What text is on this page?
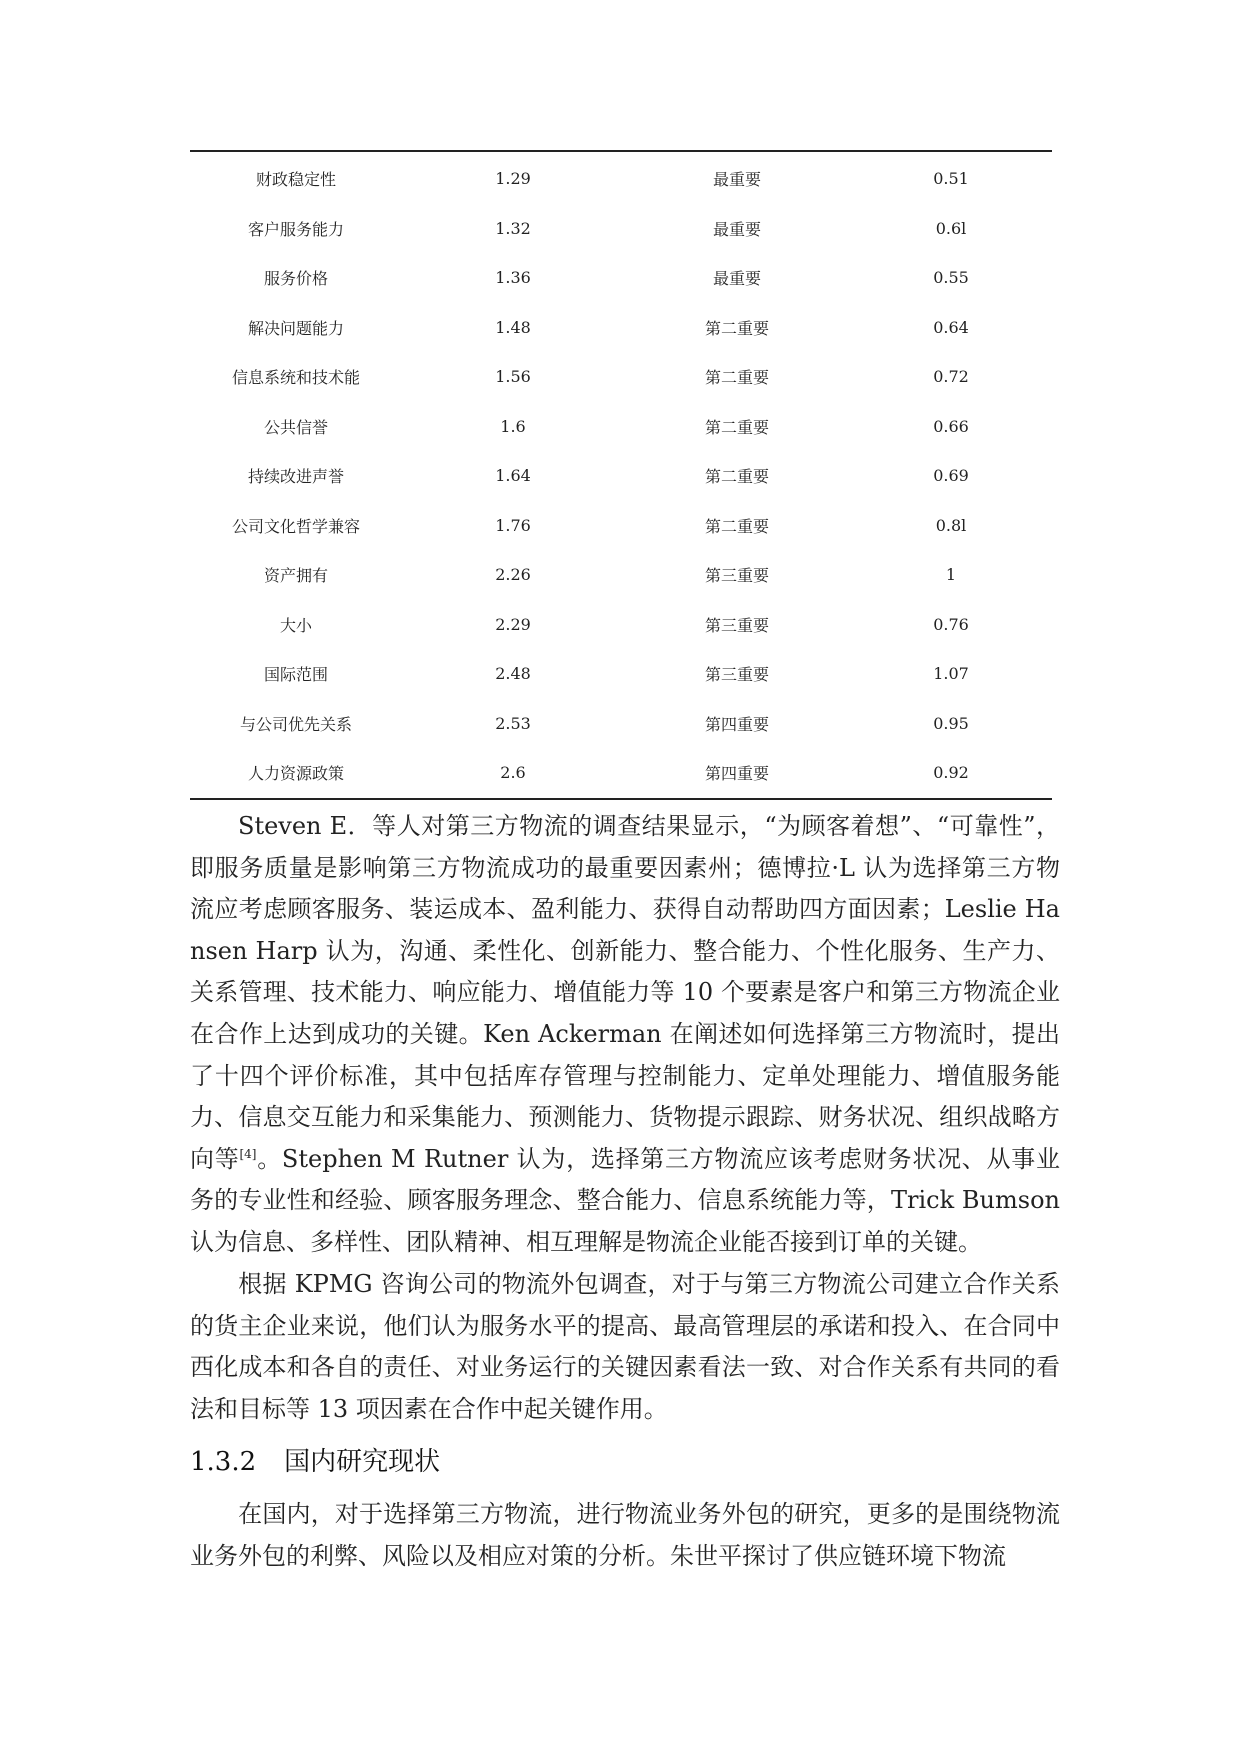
财政稳定性	1.29	最重要	0.51
客户服务能力	1.32	最重要	0.6l
服务价格	1.36	最重要	0.55
解决问题能力	1.48	第二重要	0.64
信息系统和技术能	1.56	第二重要	0.72
公共信誉	1.6	第二重要	0.66
持续改进声誉	1.64	第二重要	0.69
公司文化哲学兼容	1.76	第二重要	0.8l
资产拥有	2.26	第三重要	1
大小	2.29	第三重要	0.76
国际范围	2.48	第三重要	1.07
与公司优先关系	2.53	第四重要	0.95
人力资源政策	2.6	第四重要	0.92
Steven E．等人对第三方物流的调查结果显示，“为顾客着想”、“可靠性”，即服务质量是影响第三方物流成功的最重要因素州；德博拉·L 认为选择第三方物流应考虑顾客服务、装运成本、盈利能力、获得自动帮助四方面因素；Leslie Hansen Harp 认为，沟通、柔性化、创新能力、整合能力、个性化服务、生产力、关系管理、技术能力、响应能力、增值能力等 10 个要素是客户和第三方物流企业在合作上达到成功的关键。Ken Ackerman 在阐述如何选择第三方物流时，提出了十四个评价标准，其中包括库存管理与控制能力、定单处理能力、增值服务能力、信息交互能力和采集能力、预测能力、货物提示跟踪、财务状况、组织战略方向等[4]。Stephen M Rutner 认为，选择第三方物流应该考虑财务状况、从事业务的专业性和经验、顾客服务理念、整合能力、信息系统能力等，Trick Bumson 认为信息、多样性、团队精神、相互理解是物流企业能否接到订单的关键。
根据 KPMG 咨询公司的物流外包调查，对于与第三方物流公司建立合作关系的货主企业来说，他们认为服务水平的提高、最高管理层的承诺和投入、在合同中西化成本和各自的责任、对业务运行的关键因素看法一致、对合作关系有共同的看法和目标等 13 项因素在合作中起关键作用。
1.3.2 国内研究现状
在国内，对于选择第三方物流，进行物流业务外包的研究，更多的是围绕物流业务外包的利弊、风险以及相应对策的分析。朱世平探讨了供应链环境下物流
